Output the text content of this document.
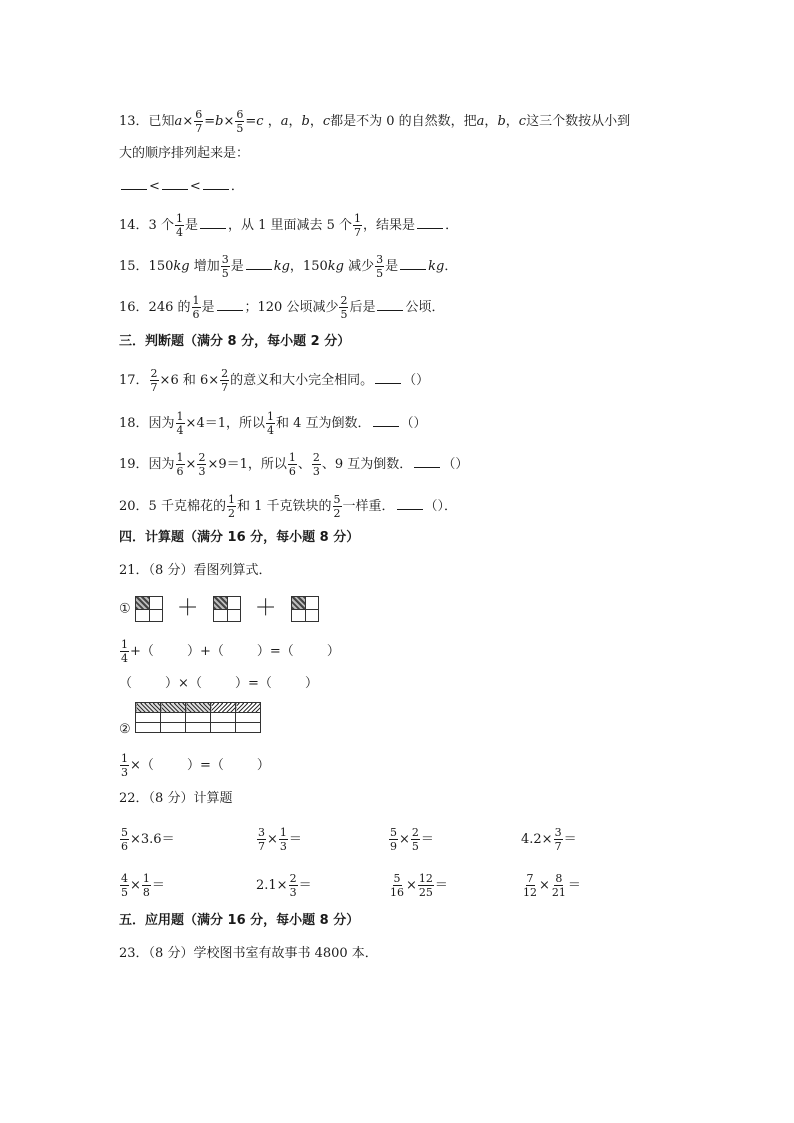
13．已知$a\times \frac{6}{7} =b\times \frac{6}{5} =c$ ，a，b，c都是不为 0 的自然数，把a，b，c这三个数按从小到
大的顺序排列起来是：
< < ．
14．3 个 $\frac{1}{4}$ 是 ，从 1 里面减去 5 个 $\frac{1}{7}$ ，结果是 ．
15．150kg 增加 $\frac{3}{5}$ 是 kg，150kg 减少 $\frac{3}{5}$ 是 kg．
16．246 的 $\frac{1}{6}$ 是 ；120 公顷减少 $\frac{2}{5}$ 后是 公顷．
三．判断题（满分 8 分，每小题 2 分）
17． $\frac{2}{7} \times 6$ 和 $6\times \frac{2}{7}$ 的意义和大小完全相同。 （）
18．因为 $\frac{1}{4} \times 4=1$，所以 $\frac{1}{4}$ 和 4 互为倒数． （）
19．因为 $\frac{1}{6} \times \frac{2}{3} \times 9=1$，所以 $\frac{1}{6}$ 、 $\frac{2}{3}$ 、9 互为倒数． （）
20．5 千克棉花的 $\frac{1}{2}$ 和 1 千克铁块的 $\frac{5}{2}$ 一样重． （）．
四．计算题（满分 16 分，每小题 8 分）
21．（8 分）看图列算式．
① ＋	＋
$\frac{1}{4}$ +（        ）+（        ）=（        ）
（        ）×（        ）=（        ）
②

$\frac{1}{3}$ ×（        ）=（        ）
22．（8 分）计算题
$\frac{5}{6} \times 3.6=$	$\frac{3}{7} \times \frac{1}{3}$ ＝	$\frac{5}{9} \times \frac{2}{5}$ ＝	$4.2\times \frac{3}{7}$ ＝
$\frac{4}{5} \times \frac{1}{8}$ ＝	$2.1\times \frac{2}{3}$ ＝	$\frac{5}{16} \times \frac{12}{25}$ ＝	$\frac{7}{12} \times \frac{8}{21}$ ＝
五．应用题（满分 16 分，每小题 8 分）
23．（8 分）学校图书室有故事书 4800 本．
